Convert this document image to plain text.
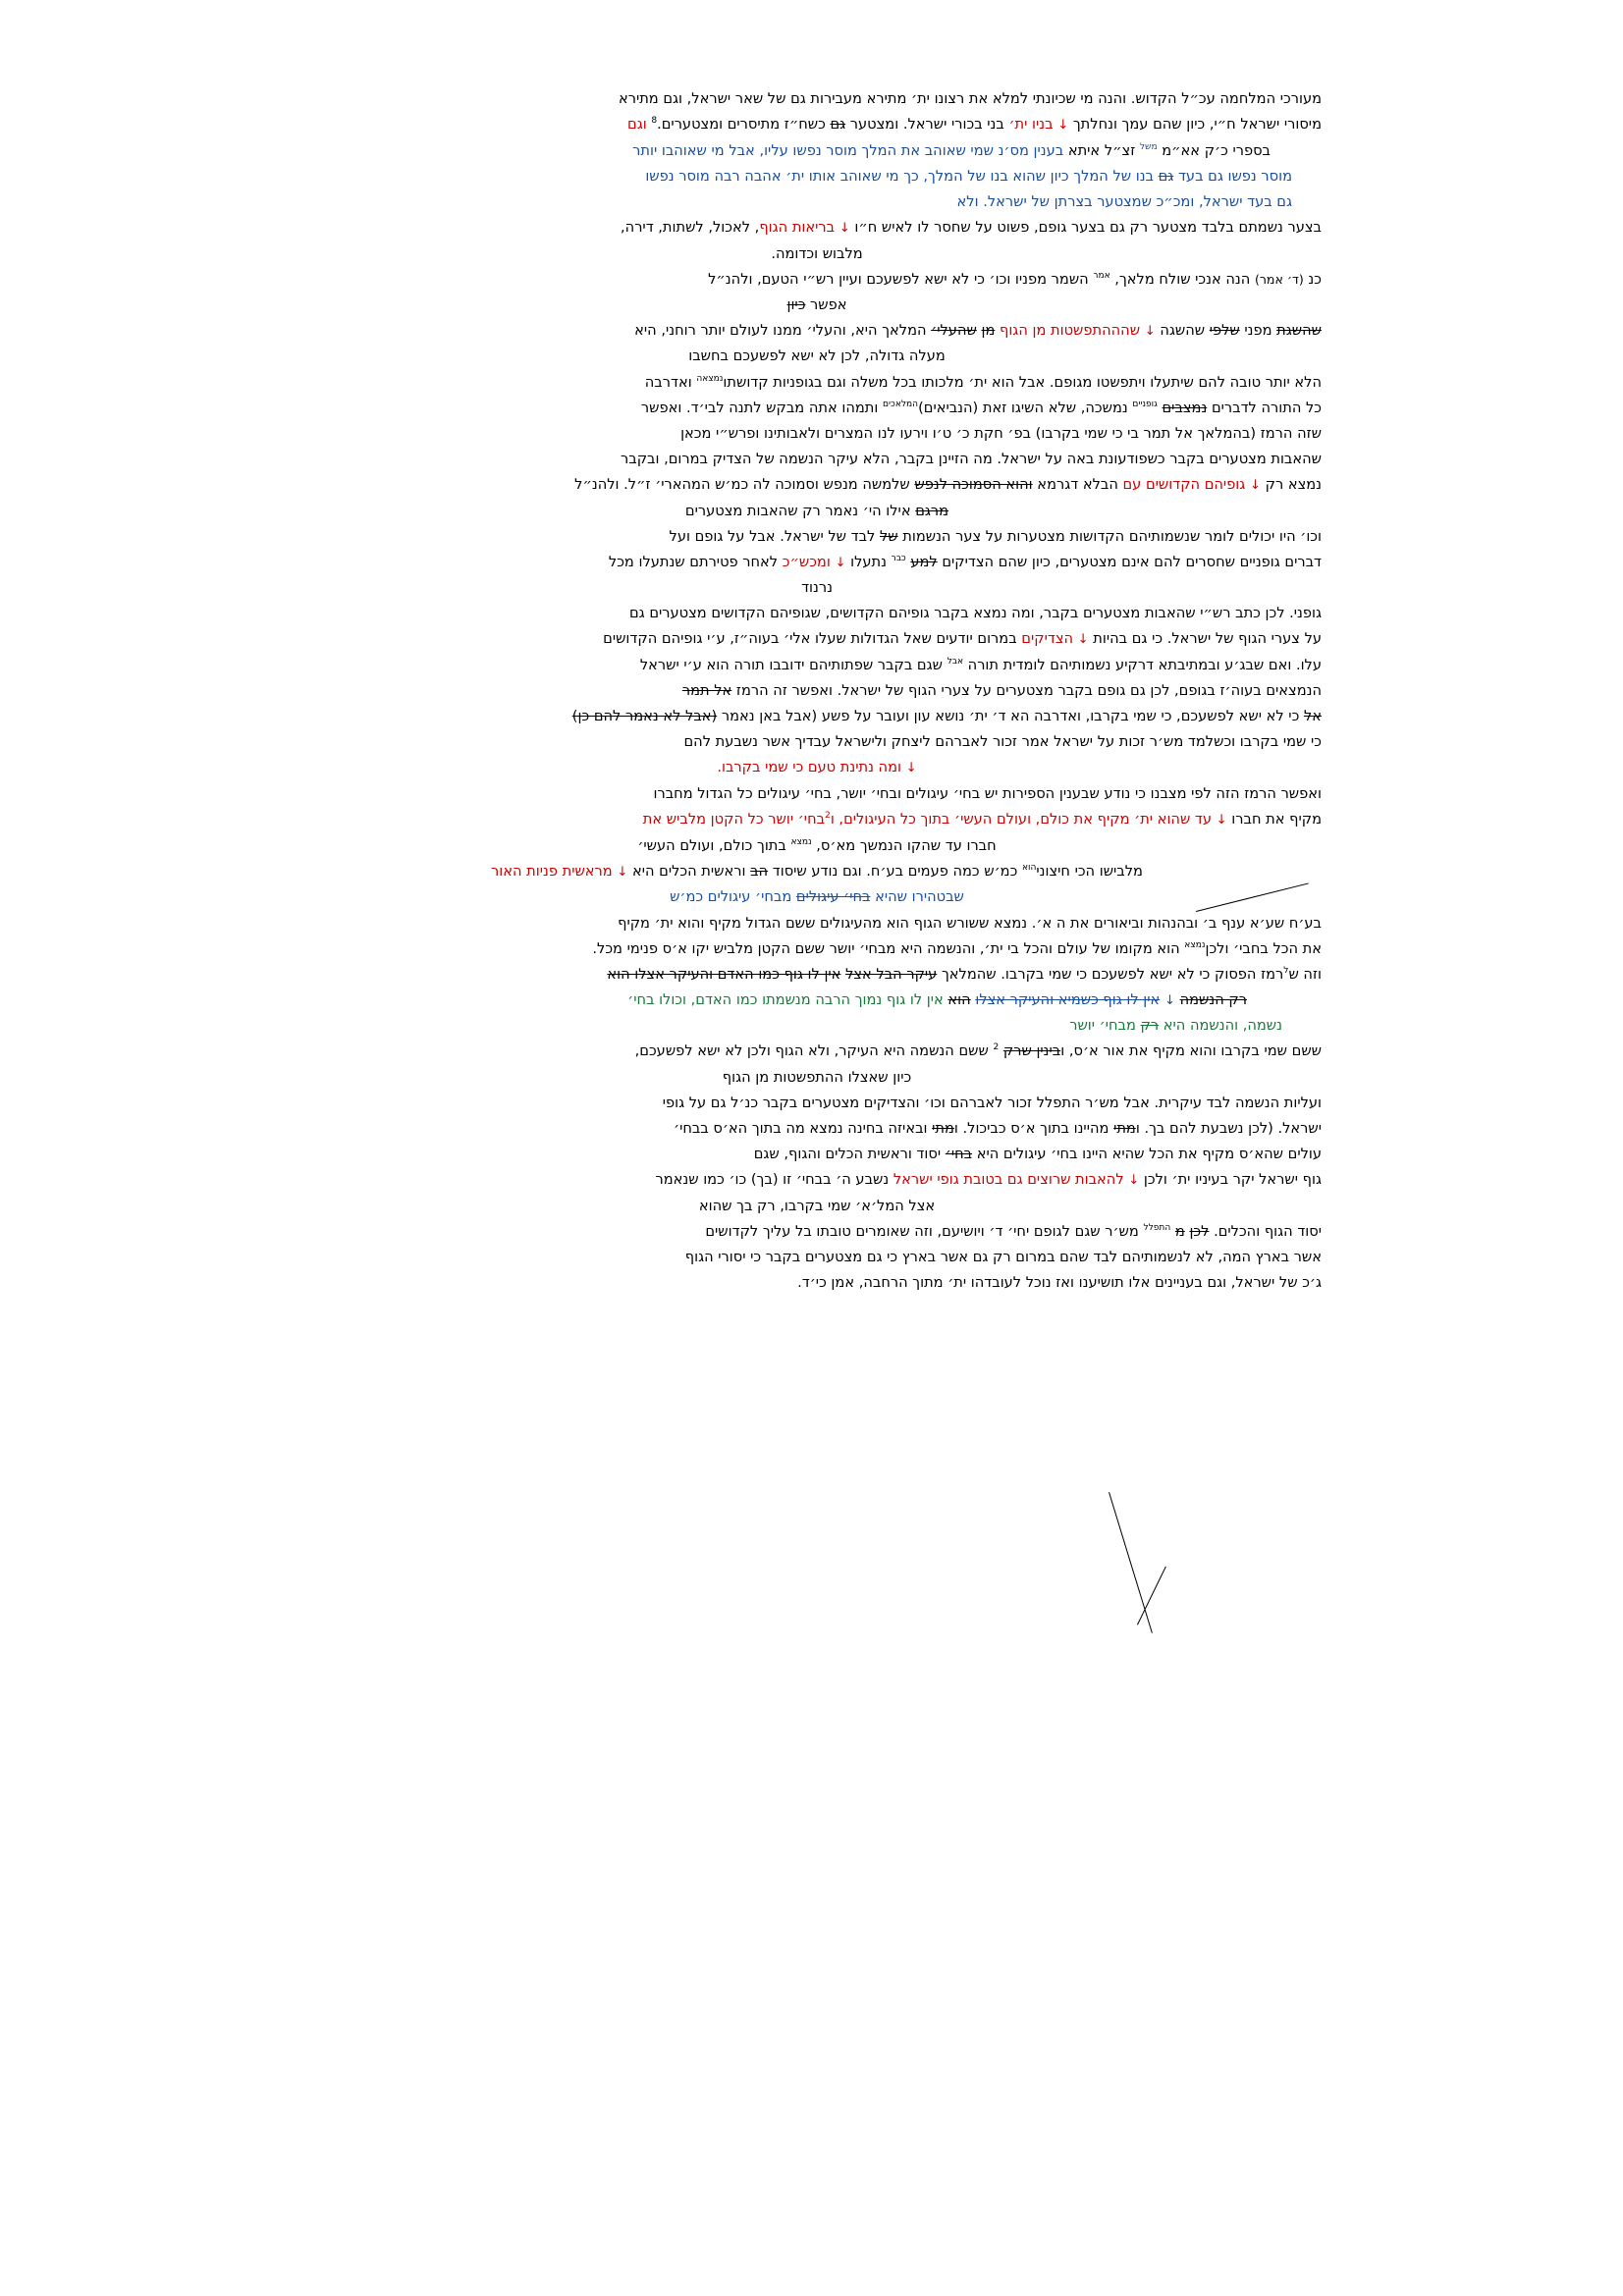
מעורכי המלחמה עכ״ל הקדוש. והנה מי שכיונתי למלא את רצונו ית׳ מתירא מעבירות גם של שאר ישראל, וגם מתירא

מיסורי ישראל ח״י, כיון שהם עמך ונחלתך ↓ בניו ית׳ בני בכורי ישראל. ומצטער גם כשח״ז מתיסרים ומצטערים.$^8$ וגם

בספרי כ׳ק אא״מ $^{משל}$ זצ״ל איתא בענין מס׳נ שמי שאוהב את המלך מוסר נפשו עליו, אבל מי שאוהבו יותר

מוסר נפשו גם בעד גם בנו של המלך כיון שהוא בנו של המלך, כך מי שאוהב אותו ית׳ אהבה רבה מוסר נפשו

גם בעד ישראל, ומכ״כ שמצטער בצרתן של ישראל. ולא

בצער נשמתם בלבד מצטער רק גם בצער גופם, פשוט על שחסר לו לאיש ח״ו ↓ בריאות הגוף, לאכול, לשתות, דירה,

מלבוש וכדומה.

כנ (ד׳ אמר) הנה אנכי שולח מלאך, $^{אמר}$ השמר מפניו וכו׳ כי לא ישא לפשעכם ועיין רש״י הטעם, ולהנ״ל

אפשר כיון

שהשגת מפני שלפי שהשגה ↓ שהההתפשטות מן הגוף מן שהעלי׳ המלאך היא, והעלי׳ ממנו לעולם יותר רוחני, היא

מעלה גדולה, לכן לא ישא לפשעכם בחשבו

הלא יותר טובה להם שיתעלו ויתפשטו מגופם. אבל הוא ית׳ מלכותו בכל משלה וגם בגופניות קדושתו$^{נמצאה}$ ואדרבה

כל התורה לדברים נמצבים $^{גופניים}$ נמשכה, שלא השיגו זאת (הנביאים)$^{המלאכים}$ ותמהו אתה מבקש לתנה לבי׳ד. ואפשר

שזה הרמז (בהמלאך אל תמר בי כי שמי בקרבו) בפ׳ חקת כ׳ ט׳ו וירעו לנו המצרים ולאבותינו ופרש״י מכאן

שהאבות מצטערים בקבר כשפודעונת באה על ישראל. מה הזיינן בקבר, הלא עיקר הנשמה של הצדיק במרום, ובקבר

נמצא רק ↓ גופיהם הקדושים עם הבלא דגרמא והוא הסמוכה לנפש שלמשה מנפש וסמוכה לה כמ׳ש המהארי׳ ז״ל. ולהנ״ל

מרגם אילו הי׳ נאמר רק שהאבות מצטערים

וכו׳ היו יכולים לומר שנשמותיהם הקדושות מצטערות על צער הנשמות של לבד של ישראל. אבל על גופם ועל

דברים גופניים שחסרים להם אינם מצטערים, כיון שהם הצדיקים למע $^{כבר}$ נתעלו ↓ ומכש״כ לאחר פטירתם שנתעלו מכל

נרנוד

גופני. לכן כתב רש״י שהאבות מצטערים בקבר, ומה נמצא בקבר גופיהם הקדושים, שגופיהם הקדושים מצטערים גם

על צערי הגוף של ישראל. כי גם בהיות ↓ הצדיקים במרום יודעים שאל הגדולות שעלו אלי׳ בעוה״ז, ע׳י גופיהם הקדושים

עלו. ואם שבג׳ע ובמתיבתא דרקיע נשמותיהם לומדית תורה $^{אבל}$ שגם בקבר שפתותיהם ידובבו תורה הוא ע׳י ישראל

הנמצאים בעוה׳ז בגופם, לכן גם גופם בקבר מצטערים על צערי הגוף של ישראל. ואפשר זה הרמז אל תמר

אל כי לא ישא לפשעכם, כי שמי בקרבו, ואדרבה הא ד׳ ית׳ נושא עון ועובר על פשע (אבל באן נאמר (אבל לא נאמר להם כן)

כי שמי בקרבו וכשלמד מש׳ר זכות על ישראל אמר זכור לאברהם ליצחק ולישראל עבדיך אשר נשבעת להם

↓ ומה נתינת טעם כי שמי בקרבו.

ואפשר הרמז הזה לפי מצבנו כי נודע שבענין הספירות יש בחי׳ עיגולים ובחי׳ יושר, בחי׳ עיגולים כל הגדול מחברו

מקיף את חברו ↓ עד שהוא ית׳ מקיף את כולם, ועולם העשי׳ בתוך כל העיגולים, ו$^2$בחי׳ יושר כל הקטן מלביש את

חברו עד שהקו הנמשך מא׳ס, $^{נמצא}$ בתוך כולם, ועולם העשי׳

מלבישו הכי חיצוני$^{הוא}$ כמ׳ש כמה פעמים בע׳ח. וגם נודע שיסוד הב וראשית הכלים היא ↓ מראשית פניות האור

שבטהירו שהיא בחי׳ עיגולים מבחי׳ עיגולים כמ׳ש

בע׳ח שע׳א ענף ב׳ ובהנהות וביאורים את ה א׳. נמצא ששורש הגוף הוא מהעיגולים ששם הגדול מקיף והוא ית׳ מקיף

את הכל בחבי׳ ולכן$^{נמצא}$ הוא מקומו של עולם והכל בי ית׳, והנשמה היא מבחי׳ יושר ששם הקטן מלביש יקו א׳ס פנימי מכל.

וזה ש$^ל$רמז הפסוק כי לא ישא לפשעכם כי שמי בקרבו. שהמלאך עיקר הבל אצל אין לו גוף כמו האדם והעיקר אצלו הוא

רק הנשמה ↓ אין לו גוף כשמיא והעיקר אצלו הוא אין לו גוף נמוך הרבה מנשמתו כמו האדם, וכולו בחי׳

נשמה, והנשמה היא רק מבחי׳ יושר

ששם שמי בקרבו והוא מקיף את אור א׳ס, ובינין שרק $^2$ ששם הנשמה היא העיקר, ולא הגוף ולכן לא ישא לפשעכם,

כיון שאצלו ההתפשטות מן הגוף

ועליות הנשמה לבד עיקרית. אבל מש׳ר התפלל זכור לאברהם וכו׳ והצדיקים מצטערים בקבר כנ׳ל גם על גופי

ישראל. (לכן נשבעת להם בך. ומתי מהיינו בתוך א׳ס כביכול. ומתי ובאיזה בחינה נמצא מה בתוך הא׳ס בבחי׳

עולים שהא׳ס מקיף את הכל שהיא היינו בחי׳ עיגולים היא בחי׳ יסוד וראשית הכלים והגוף, שגם

גוף ישראל יקר בעיניו ית׳ ולכן ↓ להאבות שרוצים גם בטובת גופי ישראל נשבע ה׳ בבחי׳ זו (בך) כו׳ כמו שנאמר

אצל המל׳א׳ שמי בקרבו, רק בך שהוא

יסוד הגוף והכלים. לכן מ $^{התפלל}$ מש׳ר שגם לגופם יחי׳ ד׳ ויושיעם, וזה שאומרים טובתו בל עליך לקדושים

אשר בארץ המה, לא לנשמותיהם לבד שהם במרום רק גם אשר בארץ כי גם מצטערים בקבר כי יסורי הגוף

ג׳כ של ישראל, וגם בעניינים אלו תושיענו ואז נוכל לעובדהו ית׳ מתוך הרחבה, אמן כי׳ד.
